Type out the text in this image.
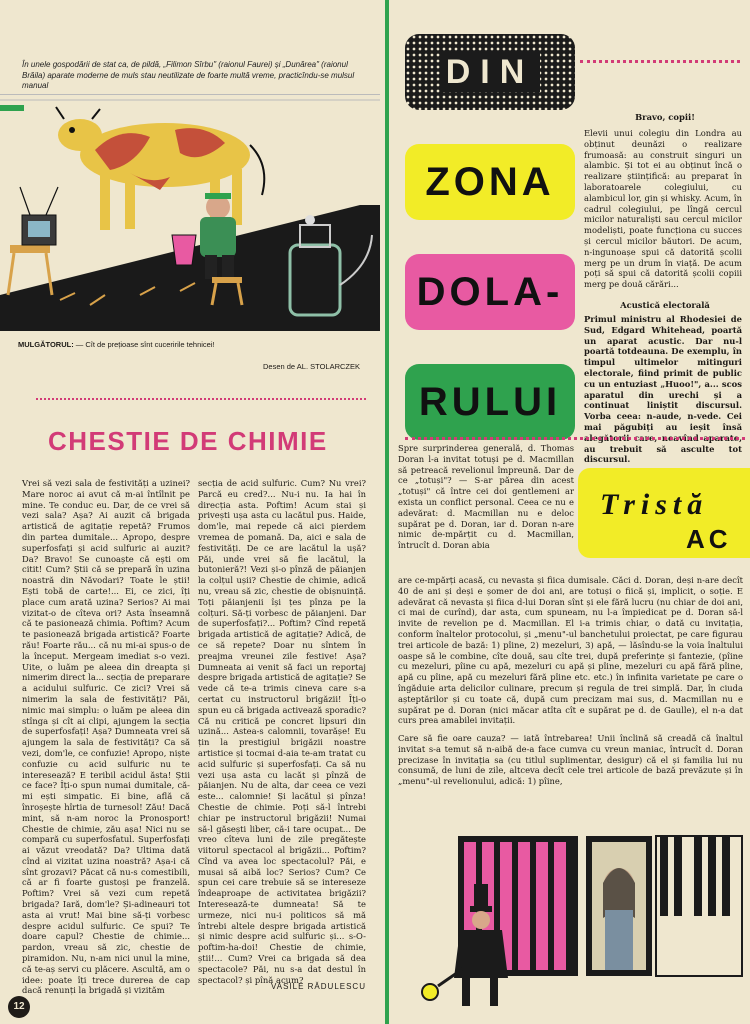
În unele gospodării de stat ca, de pildă, „Filimon Sîrbu" (raionul Faurei) și „Dunărea" (raionul Brăila) aparate moderne de muls stau neutilizate de foarte multă vreme, practicîndu-se mulsul manual

MULGĂTORUL: — Cît de prețioase sînt cuceririle tehnicei!

Desen de AL. STOLARCZEK

CHESTIE DE CHIMIE

Vrei să vezi sala de festivități a uzinei? Mare noroc ai avut că m-ai întîlnit pe mine. Te conduc eu. Dar, de ce vrei să vezi sala? Așa? Ai auzit că brigada artistică de agitație repetă? Frumos din partea dumitale... Apropo, despre superfosfați și acid sulfuric ai auzit? Da? Bravo! Se cunoaște că ești om citit! Cum? Știi că se prepară în uzina noastră din Năvodari? Toate le știi! Ești tobă de carte!... Ei, ce zici, îți place cum arată uzina? Serios? Ai mai vizitat-o de cîteva ori? Asta înseamnă că te pasionează chimia. Poftim? Acum te pasionează brigada artistică? Foarte rău! Foarte rău... că nu mi-ai spus-o de la început. Mergeam imediat s-o vezi. Uite, o luăm pe aleea din dreapta și nimerim direct la... secția de preparare a acidului sulfuric. Ce zici? Vrei să nimerim la sala de festivități? Păi, nimic mai simplu: o luăm pe aleea din stînga și cît ai clipi, ajungem la secția de superfosfați! Așa? Dumneata vrei să ajungem la sala de festivități? Ca să vezi, dom'le, ce confuzie! Apropo, niște confuzie cu acid sulfuric nu te interesează? E teribil acidul ăsta! Știi ce face? Îți-o spun numai dumitale, că-mi ești simpatic. Ei bine, află că înroșește hîrtia de turnesol! Zău! Dacă mint, să n-am noroc la Pronosport! Chestie de chimie, zău așa! Nici nu se compară cu superfosfatul. Superfosfați ai văzut vreodată? Da? Ultima dată cînd ai vizitat uzina noastră? Așa-i că sînt grozavi? Păcat că nu-s comestibili, că ar fi foarte gustoși pe franzelă. Poftim? Vrei să vezi cum repetă brigada? Iară, dom'le? Și-adineauri tot asta ai vrut! Mai bine să-ți vorbesc despre acidul sulfuric. Ce spui? Te doare capul? Chestie de chimie... pardon, vreau să zic, chestie de piramidon. Nu, n-am nici unul la mine, că te-aș servi cu plăcere. Ascultă, am o idee: poate îți trece durerea de cap dacă renunți la brigadă și vizităm

secția de acid sulfuric. Cum? Nu vrei? Parcă eu cred?... Nu-i nu. Ia hai în direcția asta. Poftim! Acum stai și privești ușa asta cu lacătul pus. Haide, dom'le, mai repede că aici pierdem vremea de pomană. Da, aici e sala de festivități. De ce are lacătul la ușă? Păi, unde vrei să fie lacătul, la butonieră?! Vezi și-o pînză de păianjen la colțul ușii? Chestie de chimie, adică nu, vreau să zic, chestie de obișnuință. Toți păianjenii își țes pînza pe la colțuri. Să-ți vorbesc de păianjeni. Dar de superfosfați?... Poftim? Cînd repetă brigada artistică de agitație? Adică, de ce să repete? Doar nu sîntem în preajma vreunei zile festive! Așa? Dumneata ai venit să faci un reportaj despre brigada artistică de agitație? Se vede că te-a trimis cineva care s-a certat cu instructorul brigăzii! Îți-o spun eu că brigada activează sporadic? Că nu critică pe concret lipsuri din uzină... Astea-s calomnii, tovarășe! Eu țin la prestigiul brigăzii noastre artistice și tocmai d-aia te-am tratat cu acid sulfuric și superfosfați. Ca să nu vezi ușa asta cu lacăt și pînză de păianjen. Nu de alta, dar ceea ce vezi este... calomnie! Și lacătul și pînza! Chestie de chimie. Poți să-l întrebi chiar pe instructorul brigăzii! Numai să-l găsești liber, că-i tare ocupat... De vreo cîteva luni de zile pregătește viitorul spectacol al brigăzii... Poftim? Cînd va avea loc spectacolul? Păi, e musai să aibă loc? Serios? Cum? Ce spun cei care trebuie să se intereseze îndeaproape de activitatea brigăzii? Interesează-te dumneata! Să te urmeze, nici nu-i politicos să mă întrebi altele despre brigada artistică și nimic despre acid sulfuric și... s-O-poftim-ha-doi! Chestie de chimie, știi!... Cum? Vrei ca brigada să dea spectacole? Păi, nu s-a dat destul în spectacol? și pînă acum?

VASILE RĂDULESCU

12
DIN
ZONA
DOLA-
RULUI

Bravo, copii!

Elevii unui colegiu din Londra au obținut deunăzi o realizare frumoasă: au construit singuri un alambic. Și tot ei au obținut încă o realizare științifică: au preparat în laboratoarele colegiului, cu alambicul lor, gin și whisky. Acum, în cadrul colegiului, pe lîngă cercul micilor naturaliști sau cercul micilor modeliști, poate funcționa cu succes și cercul micilor băutori. De acum, n-ingunoașe spui că datorită școlii merg pe un drum în viață. De acum poți să spui că datorită școlii copiii merg pe două cărări...

Acustică electorală

Primul ministru al Rhodesiei de Sud, Edgard Whitehead, poartă un aparat acustic. Dar nu-l poartă totdeauna. De exemplu, în timpul ultimelor mitinguri electorale, fiind primit de public cu un entuziast „Huoo!", a... scos aparatul din urechi și a continuat liniștit discursul. Vorba ceea: n-aude, n-vede. Cei mai păgubiți au ieșit însă alegătorii care, neavînd aparate, au trebuit să asculte tot discursul.

Tristă
AC

Spre surprinderea generală, d. Thomas Doran l-a invitat totuși pe d. Macmillan să petreacă revelionul împreună. Dar de ce „totuși"? — S-ar părea din acest „totuși" că între cei doi gentlemeni ar exista un conflict personal. Ceea ce nu e adevărat: d. Macmillan nu e deloc supărat pe d. Doran, iar d. Doran n-are nimic de-mpărțit cu d. Macmillan, întrucît d. Doran abia

are ce-mpărți acasă, cu nevasta și fiica dumisale. Căci d. Doran, deși n-are decît 40 de ani și deși e șomer de doi ani, are totuși o fiică și, implicit, o soție. E adevărat că nevasta și fiica d-lui Doran sînt și ele fără lucru (nu chiar de doi ani, ci mai de curînd), dar asta, cum spuneam, nu l-a împiedicat pe d. Doran să-l invite de revelion pe d. Macmillan. El i-a trimis chiar, o dată cu invitația, conform înaltelor protocolui, și „menu"-ul banchetului proiectat, pe care figurau trei articole de bază: 1) pîine, 2) mezeluri, 3) apă, — lăsîndu-se la voia înaltului oaspe să le combine, cîte două, sau cîte trei, după preferințe și fantezie, (pîine cu mezeluri, pîine cu apă, mezeluri cu apă și pîine, mezeluri cu apă fără pîine, apă cu pîine, apă cu mezeluri fără pîine etc. etc.) în infinita varietate pe care o îngăduie arta delicilor culinare, precum și regula de trei simplă. Dar, în ciuda așteptărilor și cu toate că, după cum precizam mai sus, d. Macmillan nu e supărat pe d. Doran (nici măcar atîta cît e supărat pe d. de Gaulle), el n-a dat curs prea amabilei invitații.

Care să fie oare cauza? — iată întrebarea! Unii înclină să creadă că înaltul invitat s-a temut să n-aibă de-a face cumva cu vreun maniac, întrucît d. Doran precizase în invitația sa (cu titlul suplimentar, desigur) că el și familia lui nu consumă, de luni de zile, altceva decît cele trei articole de bază prevăzute și în „menu"-ul revelionului, adică: 1) pîine,
